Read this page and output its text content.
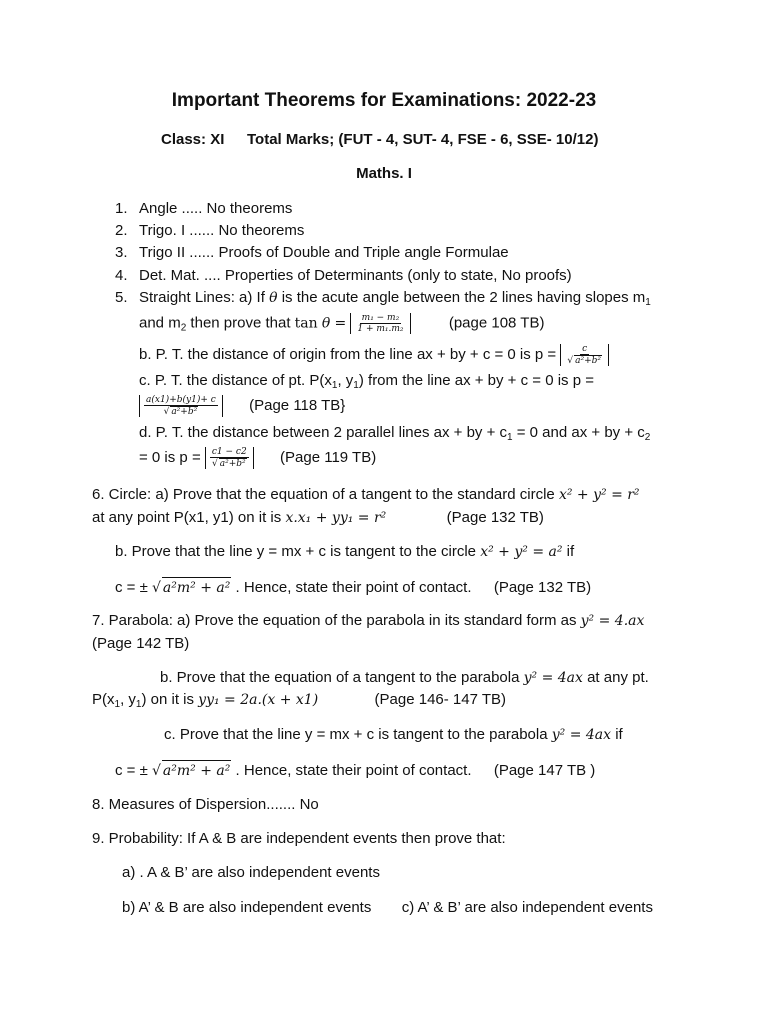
Important Theorems for Examinations: 2022-23
Class: XI Total Marks; (FUT - 4, SUT- 4, FSE - 6, SSE- 10/12)
Maths. I
1. Angle ..... No theorems
2. Trigo. I ...... No theorems
3. Trigo II ...... Proofs of Double and Triple angle Formulae
4. Det. Mat. .... Properties of Determinants (only to state, No proofs)
5. Straight Lines: a) If θ is the acute angle between the 2 lines having slopes $m_1$
and $m_2$ then prove that $\tan \theta = \frac{\text{m₁ − m₂}}{\text{1 + m₁.m₂}}$	(page 108 TB)
b. P. T. the distance of origin from the line ax + by + c = 0 is $p = \frac{c}{\text{√ a²+b²}}$
c. P. T. the distance of pt. $P(x_1$, $y_1$) from the line ax + by + c = 0 is p =
$\frac{a(x1)+b(y1)+ c}{\text{√ a²+b²}}$ (Page 118 TB}
d. P. T. the distance between 2 parallel lines ax + by + $c_1 = 0$ and ax + by + $c_2$
= 0 is $p = \frac{c1 - c2}{\text{√ a²+b²}}$ (Page 119 TB)
6. Circle: a) Prove that the equation of a tangent to the standard circle x² + y² = r²
at any point P(x1, y1) on it is x.x₁ + yy₁ = r²	(Page 132 TB)
b. Prove that the line y = mx + c is tangent to the circle x² + y² = a² if
c = ± √ a²m² + a² . Hence, state their point of contact. (Page 132 TB)
7. Parabola: a) Prove the equation of the parabola in its standard form as y² = 4.ax
(Page 142 TB)
b. Prove that the equation of a tangent to the parabola y² = 4ax at any pt.
$P(x_1$, $y_1$) on it is yy₁ = 2a.(x + x1)	(Page 146- 147 TB)
c. Prove that the line y = mx + c is tangent to the parabola y² = 4ax if
c = ± √ a²m² + a² . Hence, state their point of contact. (Page 147 TB )
8. Measures of Dispersion....... No
9. Probability: If A & B are independent events then prove that:
a) . A & B’ are also independent events
b) A’ & B are also independent events c) A’ & B’ are also independent events
